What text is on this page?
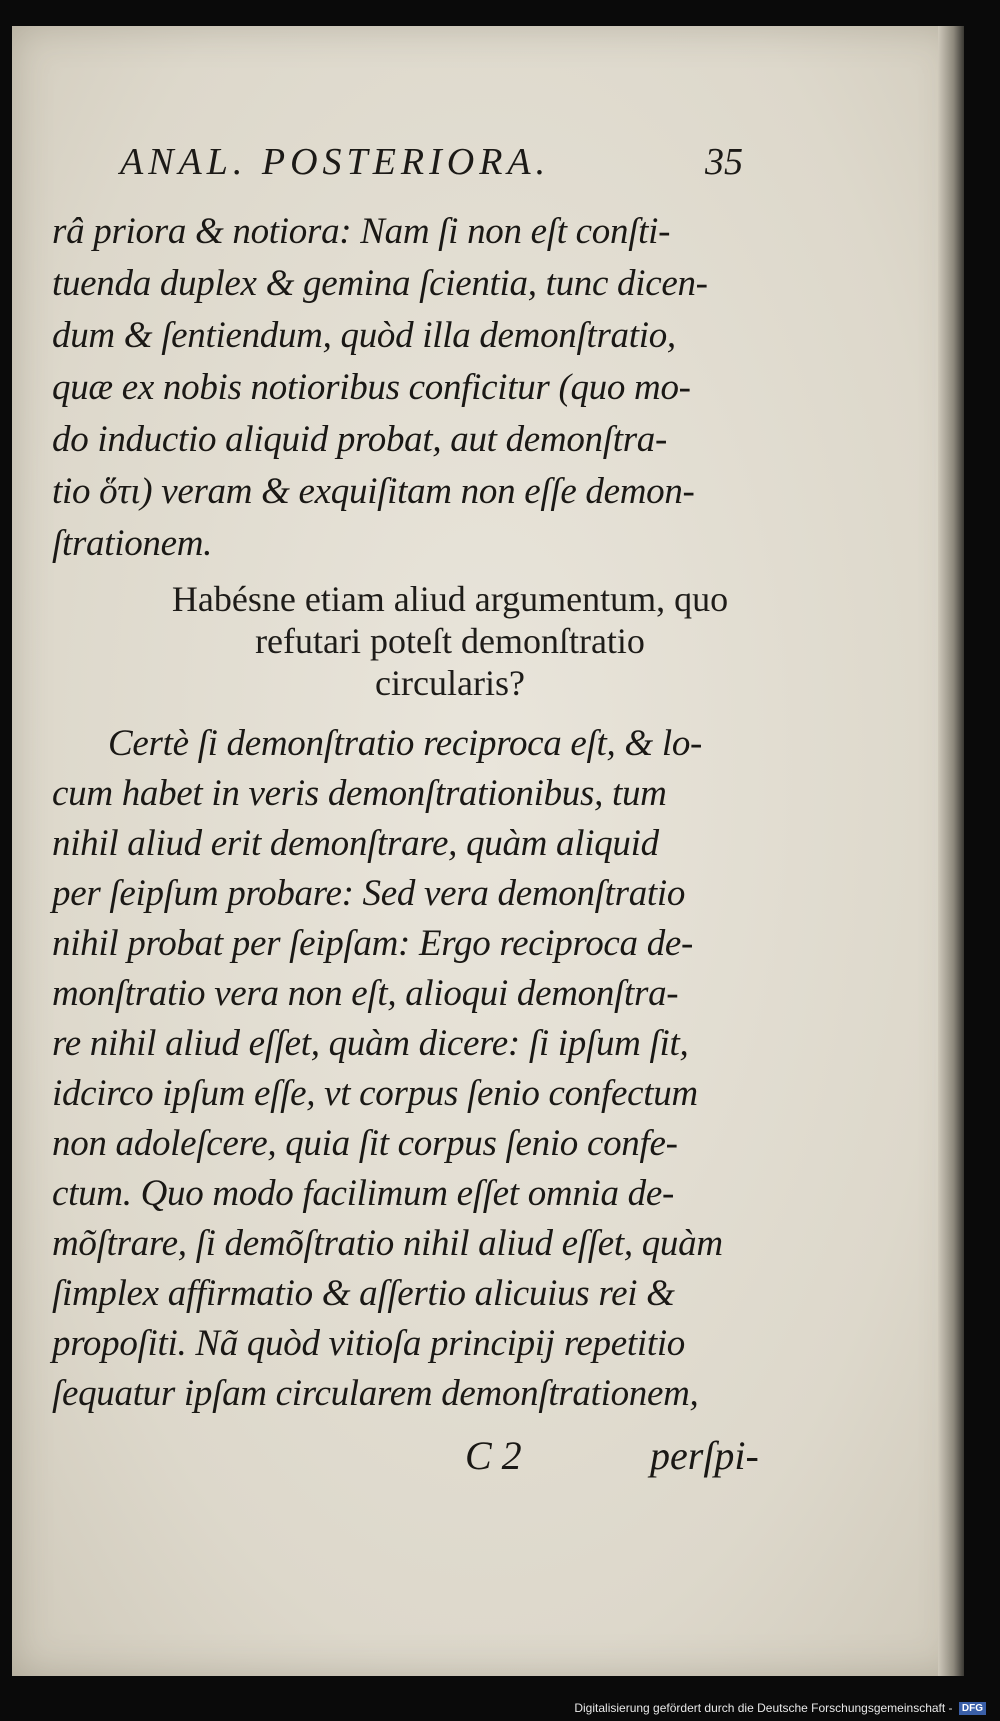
ANAL. POSTERIORA.	35
râ priora & notiora: Nam ſi non eſt conſti-
tuenda duplex & gemina ſcientia, tunc dicen-
dum & ſentiendum, quòd illa demonſtratio,
quæ ex nobis notioribus conficitur (quo mo-
do inductio aliquid probat, aut demonſtra-
tio ὅτι) veram & exquiſitam non eſſe demon-
ſtrationem.
Habésne etiam aliud argumentum, quo
refutari poteſt demonſtratio
circularis?
Certè ſi demonſtratio reciproca eſt, & lo-
cum habet in veris demonſtrationibus, tum
nihil aliud erit demonſtrare, quàm aliquid
per ſeipſum probare: Sed vera demonſtratio
nihil probat per ſeipſam: Ergo reciproca de-
monſtratio vera non eſt, alioqui demonſtra-
re nihil aliud eſſet, quàm dicere: ſi ipſum ſit,
idcirco ipſum eſſe, vt corpus ſenio confectum
non adoleſcere, quia ſit corpus ſenio confe-
ctum. Quo modo facilimum eſſet omnia de-
mõſtrare, ſi demõſtratio nihil aliud eſſet, quàm
ſimplex affirmatio & aſſertio alicuius rei &
propoſiti. Nã quòd vitioſa principij repetitio
ſequatur ipſam circularem demonſtrationem,
C 2	perſpi-
Digitalisierung gefördert durch die Deutsche Forschungsgemeinschaft - DFG
